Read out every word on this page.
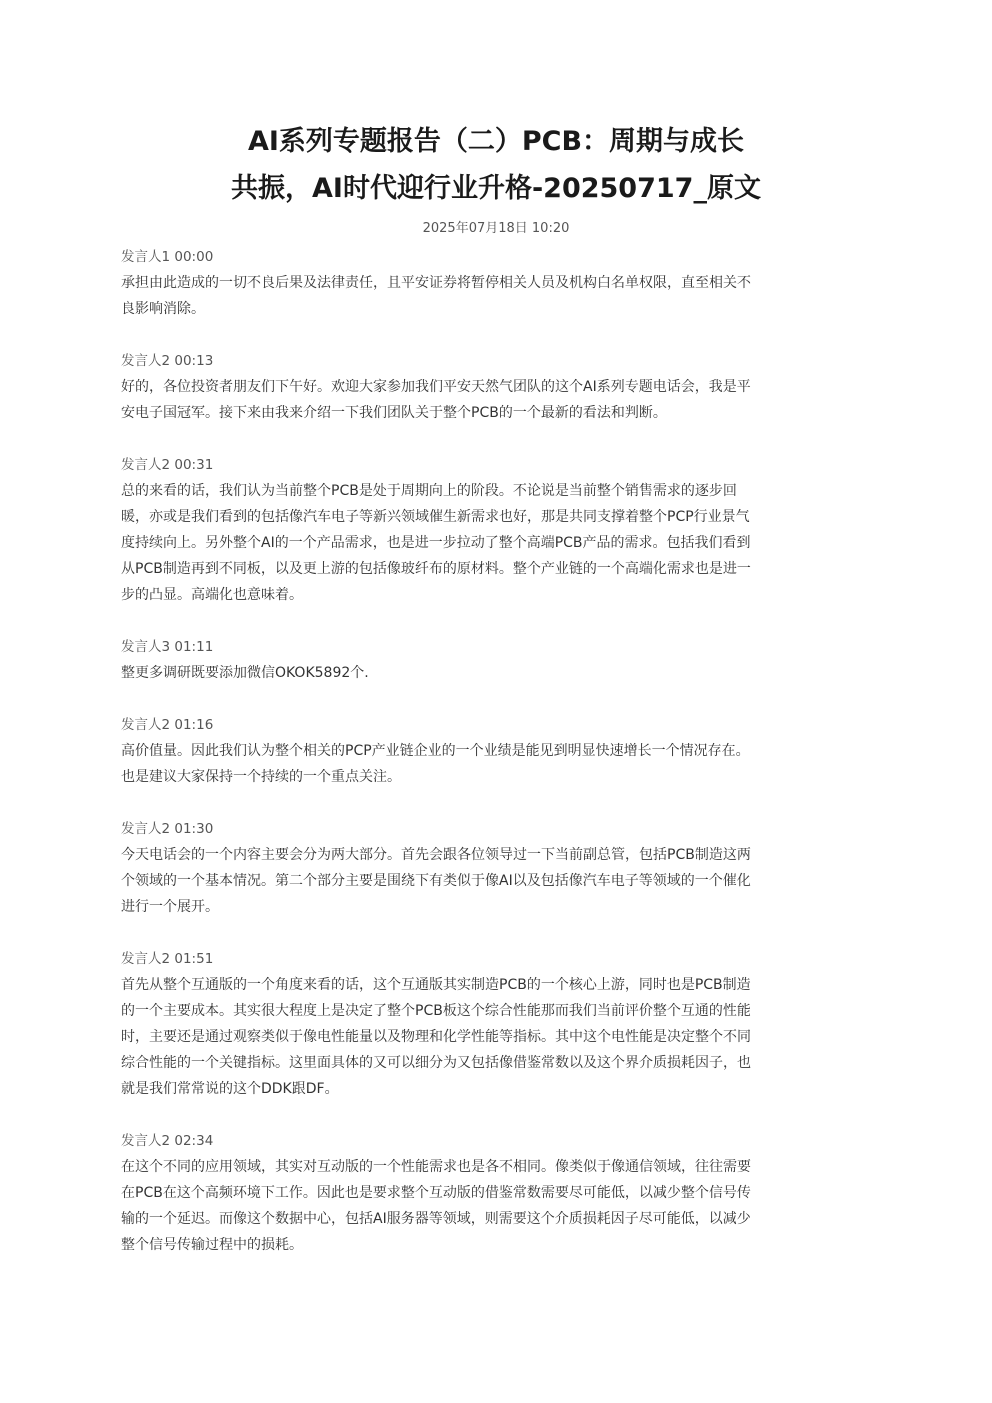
AI系列专题报告（二）PCB：周期与成长
共振，AI时代迎行业升格-20250717_原文
2025年07月18日 10:20
发言人1 00:00
承担由此造成的一切不良后果及法律责任，且平安证券将暂停相关人员及机构白名单权限，直至相关不
良影响消除。
发言人2 00:13
好的，各位投资者朋友们下午好。欢迎大家参加我们平安天然气团队的这个AI系列专题电话会，我是平
安电子国冠军。接下来由我来介绍一下我们团队关于整个PCB的一个最新的看法和判断。
发言人2 00:31
总的来看的话，我们认为当前整个PCB是处于周期向上的阶段。不论说是当前整个销售需求的逐步回
暖，亦或是我们看到的包括像汽车电子等新兴领域催生新需求也好，那是共同支撑着整个PCP行业景气
度持续向上。另外整个AI的一个产品需求，也是进一步拉动了整个高端PCB产品的需求。包括我们看到
从PCB制造再到不同板，以及更上游的包括像玻纤布的原材料。整个产业链的一个高端化需求也是进一
步的凸显。高端化也意味着。
发言人3 01:11
整更多调研既要添加微信OKOK5892个.
发言人2 01:16
高价值量。因此我们认为整个相关的PCP产业链企业的一个业绩是能见到明显快速增长一个情况存在。
也是建议大家保持一个持续的一个重点关注。
发言人2 01:30
今天电话会的一个内容主要会分为两大部分。首先会跟各位领导过一下当前副总管，包括PCB制造这两
个领域的一个基本情况。第二个部分主要是围绕下有类似于像AI以及包括像汽车电子等领域的一个催化
进行一个展开。
发言人2 01:51
首先从整个互通版的一个角度来看的话，这个互通版其实制造PCB的一个核心上游，同时也是PCB制造
的一个主要成本。其实很大程度上是决定了整个PCB板这个综合性能那而我们当前评价整个互通的性能
时，主要还是通过观察类似于像电性能量以及物理和化学性能等指标。其中这个电性能是决定整个不同
综合性能的一个关键指标。这里面具体的又可以细分为又包括像借鉴常数以及这个界介质损耗因子，也
就是我们常常说的这个DDK跟DF。
发言人2 02:34
在这个不同的应用领域，其实对互动版的一个性能需求也是各不相同。像类似于像通信领域，往往需要
在PCB在这个高频环境下工作。因此也是要求整个互动版的借鉴常数需要尽可能低，以减少整个信号传
输的一个延迟。而像这个数据中心，包括AI服务器等领域，则需要这个介质损耗因子尽可能低，以减少
整个信号传输过程中的损耗。
